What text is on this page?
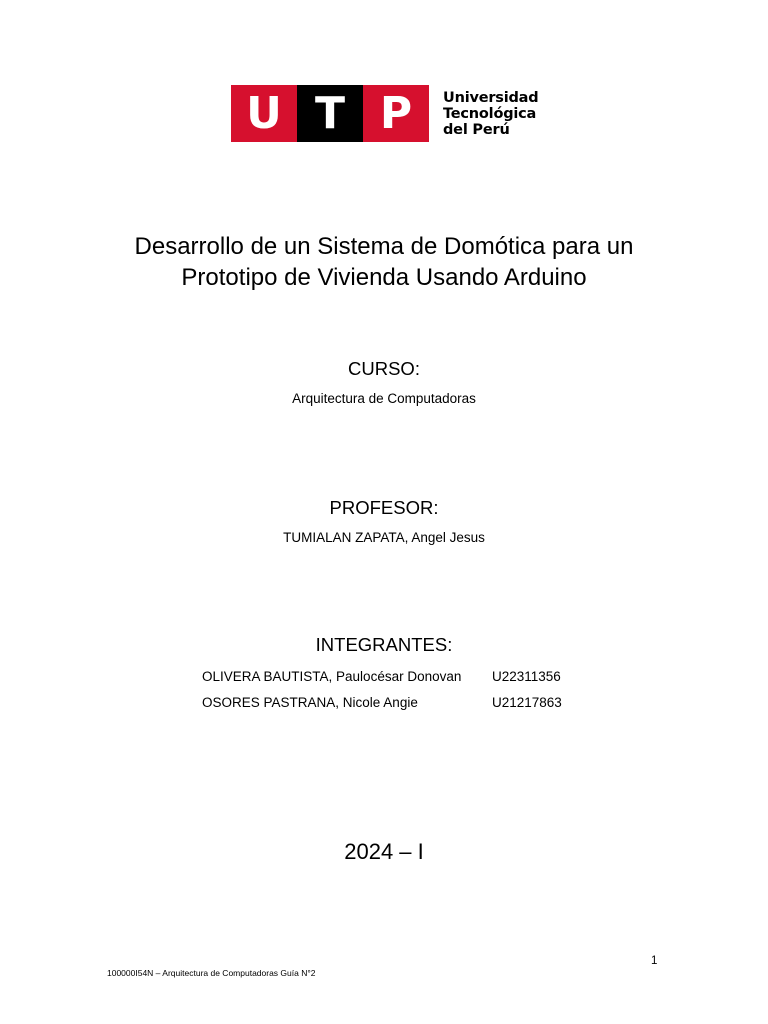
U T P	Universidad
Tecnológica
del Perú
Desarrollo de un Sistema de Domótica para un
Prototipo de Vivienda Usando Arduino
CURSO:
Arquitectura de Computadoras
PROFESOR:
TUMIALAN ZAPATA, Angel Jesus
INTEGRANTES:
OLIVERA BAUTISTA, Paulocésar Donovan U22311356
OSORES PASTRANA, Nicole Angie	U21217863
2024 – I
1
100000I54N – Arquitectura de Computadoras Guía N°2
